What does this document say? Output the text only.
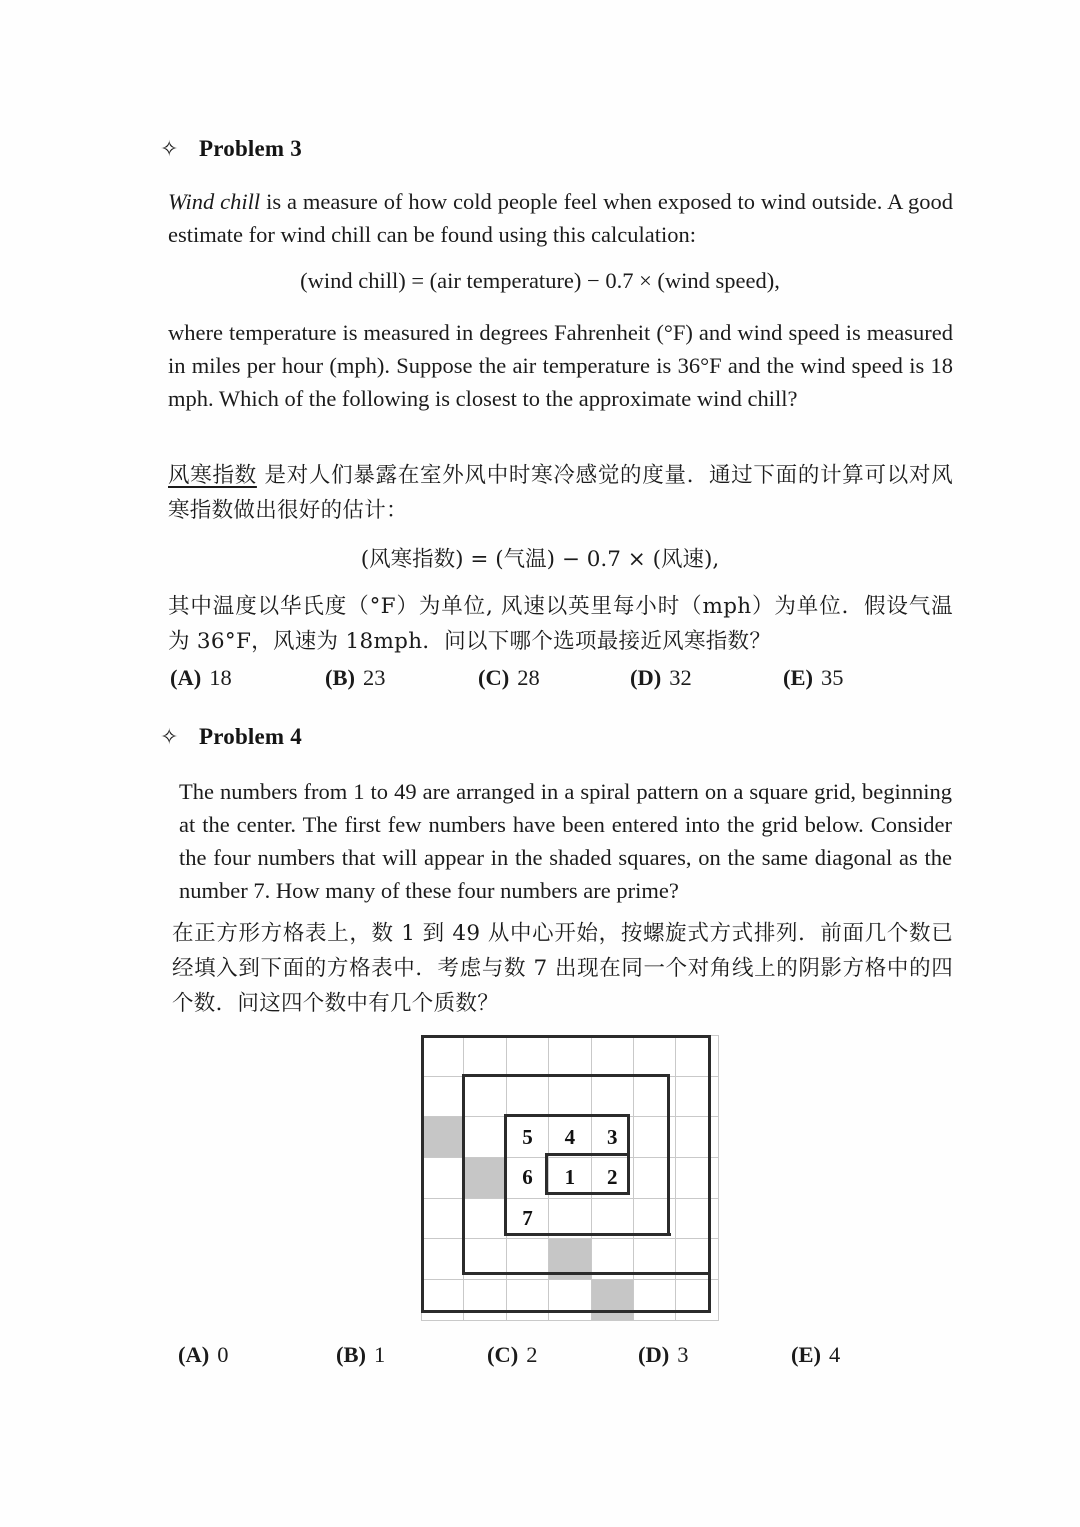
✧ Problem 3
Wind chill is a measure of how cold people feel when exposed to wind outside. A good estimate for wind chill can be found using this calculation:
(wind chill) = (air temperature) − 0.7 × (wind speed),
where temperature is measured in degrees Fahrenheit (°F) and wind speed is measured in miles per hour (mph). Suppose the air temperature is 36°F and the wind speed is 18 mph. Which of the following is closest to the approximate wind chill?
风寒指数 是对人们暴露在室外风中时寒冷感觉的度量．通过下面的计算可以对风寒指数做出很好的估计：
(风寒指数) = (气温) − 0.7 × (风速),
其中温度以华氏度（°F）为单位, 风速以英里每小时（mph）为单位．假设气温为 36°F，风速为 18mph．问以下哪个选项最接近风寒指数？
(A) 18	(B) 23	(C) 28	(D) 32	(E) 35
✧ Problem 4
The numbers from 1 to 49 are arranged in a spiral pattern on a square grid, beginning at the center. The first few numbers have been entered into the grid below. Consider the four numbers that will appear in the shaded squares, on the same diagonal as the number 7. How many of these four numbers are prime?
在正方形方格表上，数 1 到 49 从中心开始，按螺旋式方式排列．前面几个数已经填入到下面的方格表中．考虑与数 7 出现在同一个对角线上的阴影方格中的四个数．问这四个数中有几个质数？

		5	4	3		
		6	1	2		
		7				

(A) 0	(B) 1	(C) 2	(D) 3	(E) 4
